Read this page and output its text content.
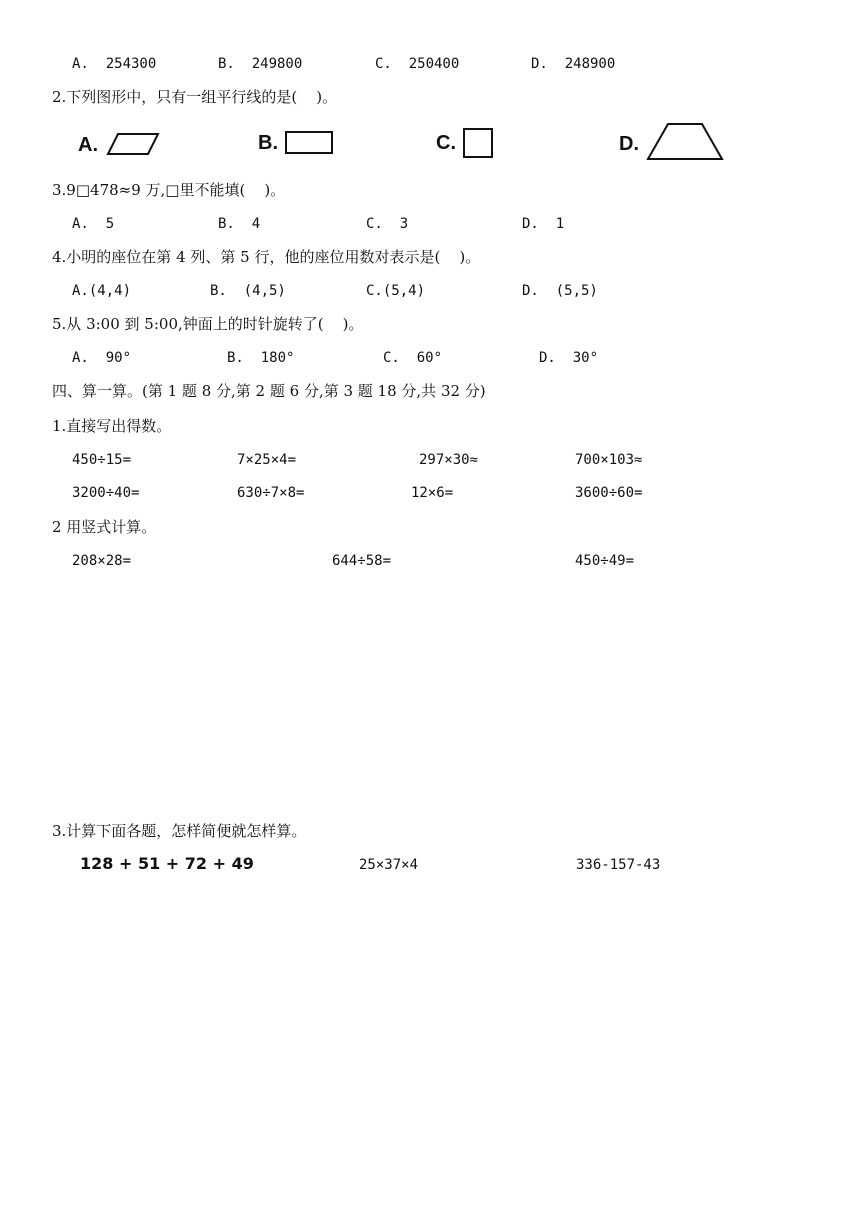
A.  254300	B.  249800	C.  250400	D.  248900
2.下列图形中，只有一组平行线的是(    )。
A.	B.	C.	D.
3.9□478≈9 万,□里不能填(    )。
A.  5	B.  4	C.  3	D.  1
4.小明的座位在第 4 列、第 5 行，他的座位用数对表示是(    )。
A.(4,4)	B.  (4,5)	C.(5,4)	D.  (5,5)
5.从 3:00 到 5:00,钟面上的时针旋转了(    )。
A.  90°	B.  180°	C.  60°	D.  30°
四、算一算。(第 1 题 8 分,第 2 题 6 分,第 3 题 18 分,共 32 分)
1.直接写出得数。
450÷15=	7×25×4=	297×30≈	700×103≈
3200÷40=	630÷7×8=	12×6=	3600÷60=
2 用竖式计算。
208×28=	644÷58=	450÷49=
3.计算下面各题，怎样简便就怎样算。
128 + 51 + 72 + 49	25×37×4	336-157-43
